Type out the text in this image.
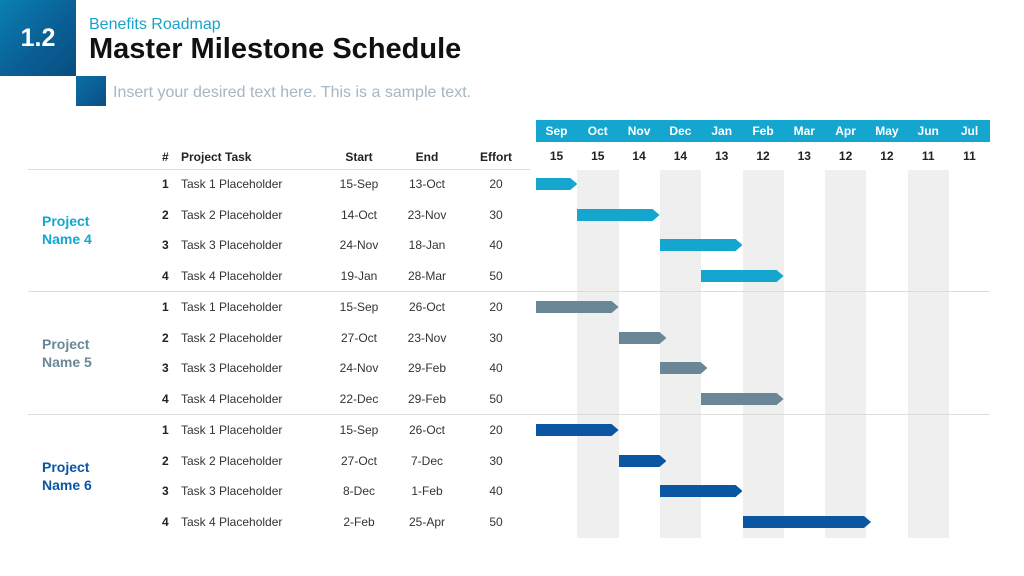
1.2	Benefits Roadmap
Master Milestone Schedule
Insert your desired text here. This is a sample text.
# Project Task	Start	End	Effort
Sep	Oct	Nov	Dec	Jan	Feb	Mar	Apr	May	Jun	Jul
15	15	14	14	13	12	13	12	12	11	11
Project
Name 4
1 Task 1 Placeholder	15-Sep	13-Oct	20
2 Task 2 Placeholder	14-Oct	23-Nov	30
3 Task 3 Placeholder	24-Nov	18-Jan	40
4 Task 4 Placeholder	19-Jan	28-Mar	50
Project
Name 5
1 Task 1 Placeholder	15-Sep	26-Oct	20
2 Task 2 Placeholder	27-Oct	23-Nov	30
3 Task 3 Placeholder	24-Nov	29-Feb	40
4 Task 4 Placeholder	22-Dec	29-Feb	50
Project
Name 6
1 Task 1 Placeholder	15-Sep	26-Oct	20
2 Task 2 Placeholder	27-Oct	7-Dec	30
3 Task 3 Placeholder	8-Dec	1-Feb	40
4 Task 4 Placeholder	2-Feb	25-Apr	50
